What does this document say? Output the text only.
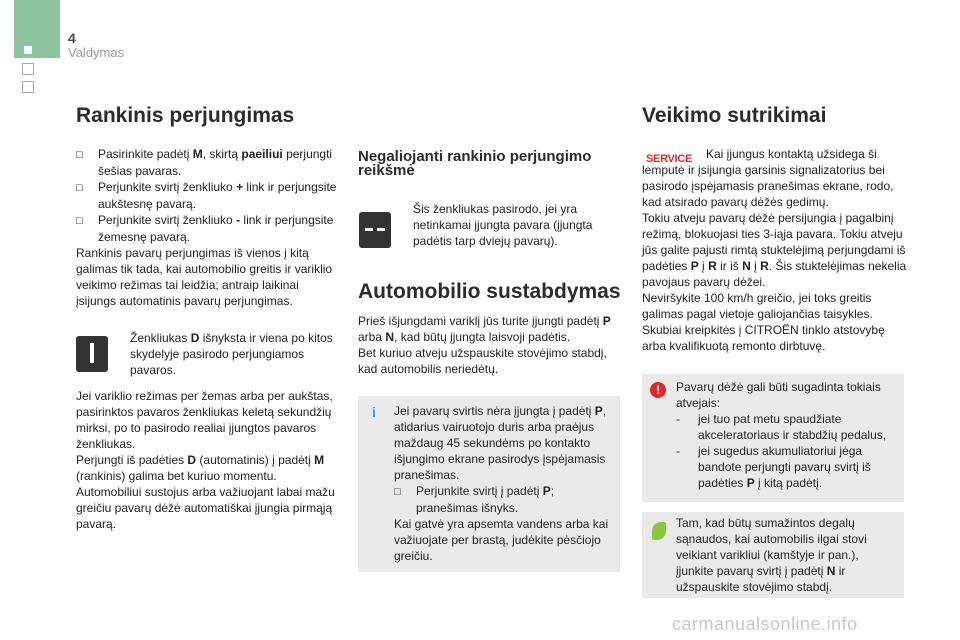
4
Valdymas
Rankinis perjungimas

□ Pasirinkite padėtį M, skirtą paeiliui perjungti šešias pavaras.

□ Perjunkite svirtį ženkliuko + link ir perjungsite aukštesnę pavarą.

□ Perjunkite svirtį ženkliuko - link ir perjungsite žemesnę pavarą.

Rankinis pavarų perjungimas iš vienos į kitą galimas tik tada, kai automobilio greitis ir variklio veikimo režimas tai leidžia; antraip laikinai įsijungs automatinis pavarų perjungimas.

Ženkliukas D išnyksta ir viena po kitos skydelyje pasirodo perjungiamos pavaros.

Jei variklio režimas per žemas arba per aukštas, pasirinktos pavaros ženkliukas keletą sekundžių mirksi, po to pasirodo realiai įjungtos pavaros ženkliukas.

Perjungti iš padėties D (automatinis) į padėtį M (rankinis) galima bet kuriuo momentu.

Automobiliui sustojus arba važiuojant labai mažu greičiu pavarų dėžė automatiškai įjungia pirmąją pavarą.

Negaliojanti rankinio perjungimo reikšmė

Šis ženkliukas pasirodo, jei yra netinkamai įjungta pavara (įjungta padėtis tarp dviejų pavarų).

Automobilio sustabdymas

Prieš išjungdami variklį jūs turite įjungti padėtį P arba N, kad būtų įjungta laisvoji padėtis.

Bet kuriuo atveju užspauskite stovėjimo stabdį, kad automobilis neriedėtų.

i	Jei pavarų svirtis nėra įjungta į padėtį P, atidarius vairuotojo duris arba praėjus maždaug 45 sekundėms po kontakto išjungimo ekrane pasirodys įspėjamasis pranešimas.

□ Perjunkite svirtį į padėtį P; pranešimas išnyks.

Kai gatvė yra apsemta vandens arba kai važiuojate per brastą, judėkite pėsčiojo greičiu.

Veikimo sutrikimai
SERVICE	Kai įjungus kontaktą užsidega ši lemputė ir įsijungia garsinis signalizatorius bei pasirodo įspėjamasis pranešimas ekrane, rodo, kad atsirado pavarų dėžės gedimų.

Tokiu atveju pavarų dėžė persijungia į pagalbinį režimą, blokuojasi ties 3-iąja pavara. Tokiu atveju jūs galite pajusti rimtą stuktelėjimą perjungdami iš padėties P į R ir iš N į R. Šis stuktelėjimas nekelia pavojaus pavarų dėžei.

Neviršykite 100 km/h greičio, jei toks greitis galimas pagal vietoje galiojančias taisykles.

Skubiai kreipkitės į CITROËN tinklo atstovybę arba kvalifikuotą remonto dirbtuvę.

!	Pavarų dėžė gali būti sugadinta tokiais atvejais:

- jei tuo pat metu spaudžiate akceleratoriaus ir stabdžių pedalus,

- jei sugedus akumuliatoriui jėga bandote perjungti pavarų svirtį iš padėties P į kitą padėtį.

Tam, kad būtų sumažintos degalų sąnaudos, kai automobilis ilgai stovi veikiant varikliui (kamštyje ir pan.), įjunkite pavarų svirtį į padėtį N ir užspauskite stovėjimo stabdį.

carmanualsonline.info
